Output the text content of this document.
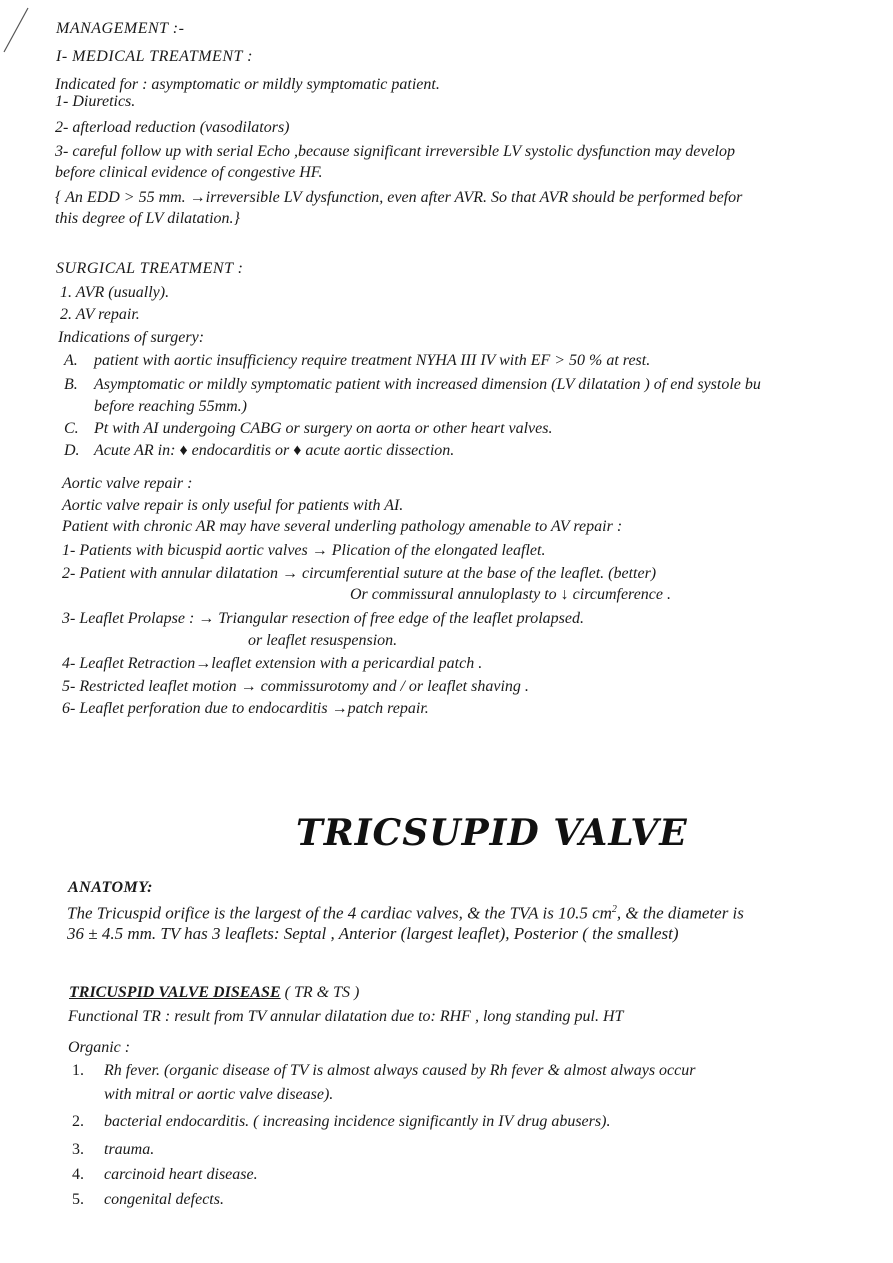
MANAGEMENT :-
I- MEDICAL TREATMENT :
Indicated for : asymptomatic or mildly symptomatic patient.
1- Diuretics.
2- afterload reduction (vasodilators)
3- careful follow up with serial Echo ,because significant irreversible LV systolic dysfunction may develop
before clinical evidence of congestive HF.
{ An EDD > 55 mm. →irreversible LV dysfunction, even after AVR. So that AVR should be performed befor
this degree of LV dilatation.}
SURGICAL TREATMENT :
1. AVR (usually).
2. AV repair.
Indications of surgery:
A. patient with aortic insufficiency require treatment NYHA III IV with EF > 50 % at rest.
B. Asymptomatic or mildly symptomatic patient with increased dimension (LV dilatation ) of end systole bu
before reaching 55mm.)
C. Pt with AI undergoing CABG or surgery on aorta or other heart valves.
D. Acute AR in: ♦ endocarditis or ♦ acute aortic dissection.
Aortic valve repair :
Aortic valve repair is only useful for patients with AI.
Patient with chronic AR may have several underling pathology amenable to AV repair :
1- Patients with bicuspid aortic valves → Plication of the elongated leaflet.
2- Patient with annular dilatation → circumferential suture at the base of the leaflet. (better)
Or commissural annuloplasty to ↓ circumference .
3- Leaflet Prolapse : → Triangular resection of free edge of the leaflet prolapsed.
or leaflet resuspension.
4- Leaflet Retraction→leaflet extension with a pericardial patch .
5- Restricted leaflet motion → commissurotomy and / or leaflet shaving .
6- Leaflet perforation due to endocarditis →patch repair.
TRICSUPID VALVE
ANATOMY:
The Tricuspid orifice is the largest of the 4 cardiac valves, & the TVA is 10.5 $cm^2$, & the diameter is
36 ± 4.5 mm. TV has 3 leaflets: Septal , Anterior (largest leaflet), Posterior ( the smallest)
TRICUSPID VALVE DISEASE ( TR & TS )
Functional TR : result from TV annular dilatation due to: RHF , long standing pul. HT
Organic :
1. Rh fever. (organic disease of TV is almost always caused by Rh fever & almost always occur
with mitral or aortic valve disease).
2. bacterial endocarditis. ( increasing incidence significantly in IV drug abusers).
3. trauma.
4. carcinoid heart disease.
5. congenital defects.
